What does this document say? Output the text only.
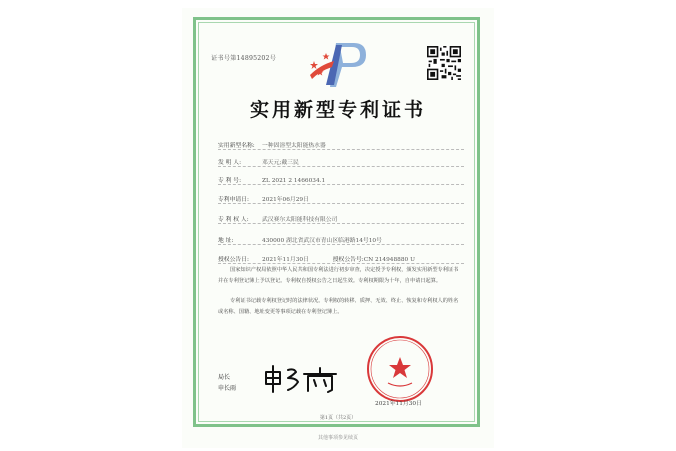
证书号第14895202号
实用新型专利证书
实用新型名称: 一种固溶型太阳能热水器
发 明 人:	邓天元;戴三民
专 利 号:	ZL 2021 2 1466034.1
专利申请日: 2021年06月29日
专 利 权 人: 武汉赛尔太阳能科技有限公司
地 址:	430000 湖北省武汉市青山区临港路14号10号
授权公告日: 2021年11月30日	授权公告号:CN 214948880 U

国家知识产权局依照中华人民共和国专利法进行初步审查，决定授予专利权，颁发实用新型专利证书并在专利登记簿上予以登记。专利权自授权公告之日起生效。专利权期限为十年，自申请日起算。

专利证书记载专利权登记时的法律状况。专利权的转移、质押、无效、终止、恢复和专利权人的姓名或名称、国籍、地址变更等事项记载在专利登记簿上。

局长
申长雨
2021年11月30日
第1页（共2页）
其他事项参见续页
